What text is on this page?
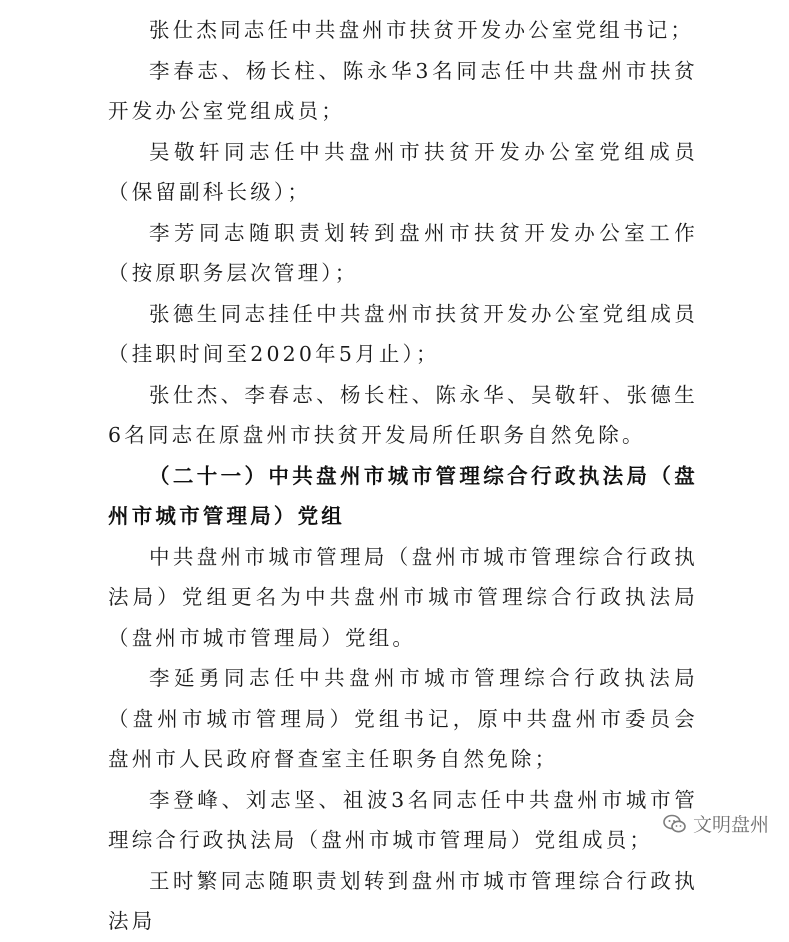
张仕杰同志任中共盘州市扶贫开发办公室党组书记；

李春志、杨长柱、陈永华3名同志任中共盘州市扶贫开发办公室党组成员；

吴敬轩同志任中共盘州市扶贫开发办公室党组成员（保留副科长级）；

李芳同志随职责划转到盘州市扶贫开发办公室工作（按原职务层次管理）；

张德生同志挂任中共盘州市扶贫开发办公室党组成员（挂职时间至2020年5月止）；

张仕杰、李春志、杨长柱、陈永华、吴敬轩、张德生6名同志在原盘州市扶贫开发局所任职务自然免除。

（二十一）中共盘州市城市管理综合行政执法局（盘州市城市管理局）党组

中共盘州市城市管理局（盘州市城市管理综合行政执法局）党组更名为中共盘州市城市管理综合行政执法局（盘州市城市管理局）党组。

李延勇同志任中共盘州市城市管理综合行政执法局（盘州市城市管理局）党组书记，原中共盘州市委员会盘州市人民政府督查室主任职务自然免除；

李登峰、刘志坚、祖波3名同志任中共盘州市城市管理综合行政执法局（盘州市城市管理局）党组成员；

王时繁同志随职责划转到盘州市城市管理综合行政执法局

文明盘州
